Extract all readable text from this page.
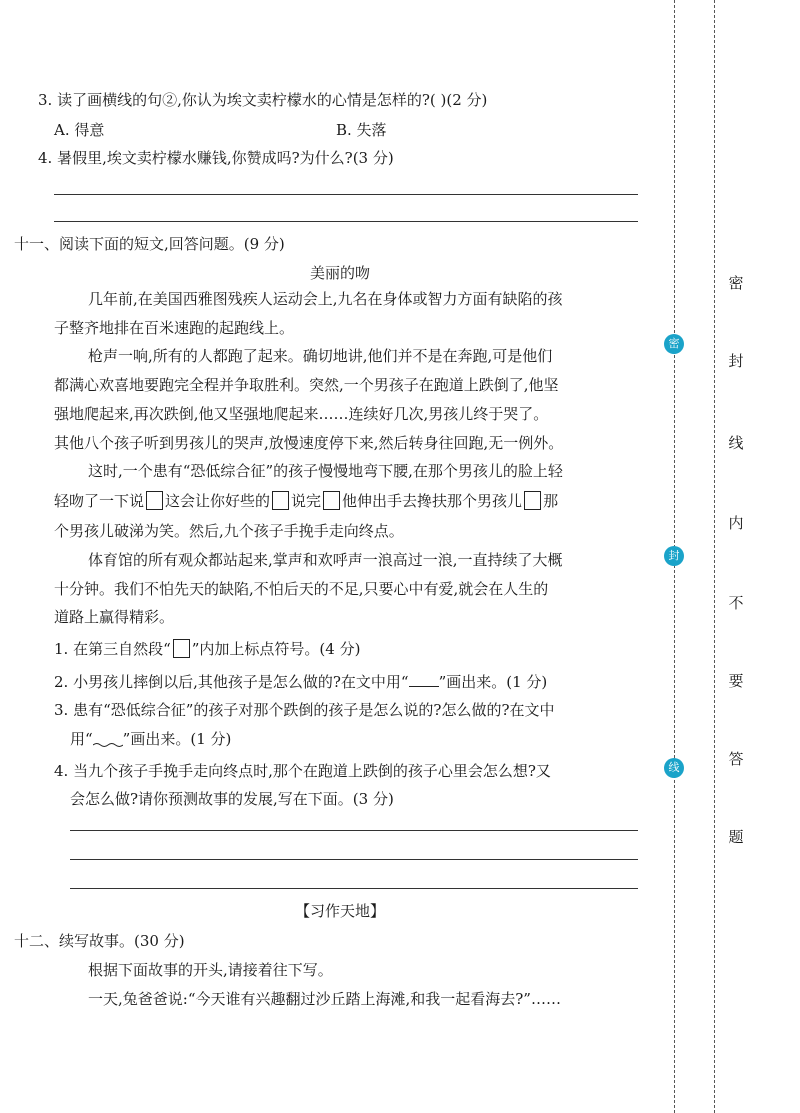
3. 读了画横线的句②,你认为埃文卖柠檬水的心情是怎样的?( )(2 分)
A. 得意	B. 失落
4. 暑假里,埃文卖柠檬水赚钱,你赞成吗?为什么?(3 分)
十一、阅读下面的短文,回答问题。(9 分)
美丽的吻
几年前,在美国西雅图残疾人运动会上,九名在身体或智力方面有缺陷的孩
子整齐地排在百米速跑的起跑线上。
枪声一响,所有的人都跑了起来。确切地讲,他们并不是在奔跑,可是他们
都满心欢喜地要跑完全程并争取胜利。突然,一个男孩子在跑道上跌倒了,他坚
强地爬起来,再次跌倒,他又坚强地爬起来……连续好几次,男孩儿终于哭了。
其他八个孩子听到男孩儿的哭声,放慢速度停下来,然后转身往回跑,无一例外。
这时,一个患有“恐低综合征”的孩子慢慢地弯下腰,在那个男孩儿的脸上轻
轻吻了一下说 这会让你好些的 说完 他伸出手去搀扶那个男孩儿 那
个男孩儿破涕为笑。然后,九个孩子手挽手走向终点。
体育馆的所有观众都站起来,掌声和欢呼声一浪高过一浪,一直持续了大概
十分钟。我们不怕先天的缺陷,不怕后天的不足,只要心中有爱,就会在人生的
道路上赢得精彩。
1. 在第三自然段“ ”内加上标点符号。(4 分)
2. 小男孩儿摔倒以后,其他孩子是怎么做的?在文中用“ ”画出来。(1 分)
3. 患有“恐低综合征”的孩子对那个跌倒的孩子是怎么说的?怎么做的?在文中
用“ ”画出来。(1 分)
4. 当九个孩子手挽手走向终点时,那个在跑道上跌倒的孩子心里会怎么想?又
会怎么做?请你预测故事的发展,写在下面。(3 分)
【习作天地】
十二、续写故事。(30 分)
根据下面故事的开头,请接着往下写。
一天,兔爸爸说:“今天谁有兴趣翻过沙丘踏上海滩,和我一起看海去?”……
密
封
线
密
封
线
内
不
要
答
题
